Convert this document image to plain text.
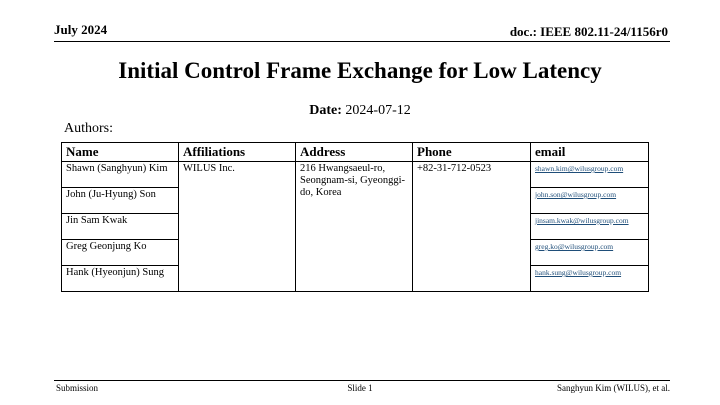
July 2024	doc.: IEEE 802.11-24/1156r0
Initial Control Frame Exchange for Low Latency
Date: 2024-07-12
Authors:
Name	Affiliations	Address	Phone	email
Shawn (Sanghyun) Kim	WILUS Inc.	216 Hwangsaeul-ro, Seongnam-si, Gyeonggi-do, Korea	+82-31-712-0523	shawn.kim@wilusgroup.com
John (Ju-Hyung) Son				john.son@wilusgroup.com
Jin Sam Kwak				jinsam.kwak@wilusgroup.com
Greg Geonjung Ko				greg.ko@wilusgroup.com
Hank (Hyeonjun) Sung				hank.sung@wilusgroup.com
Submission	Slide 1	Sanghyun Kim (WILUS), et al.
